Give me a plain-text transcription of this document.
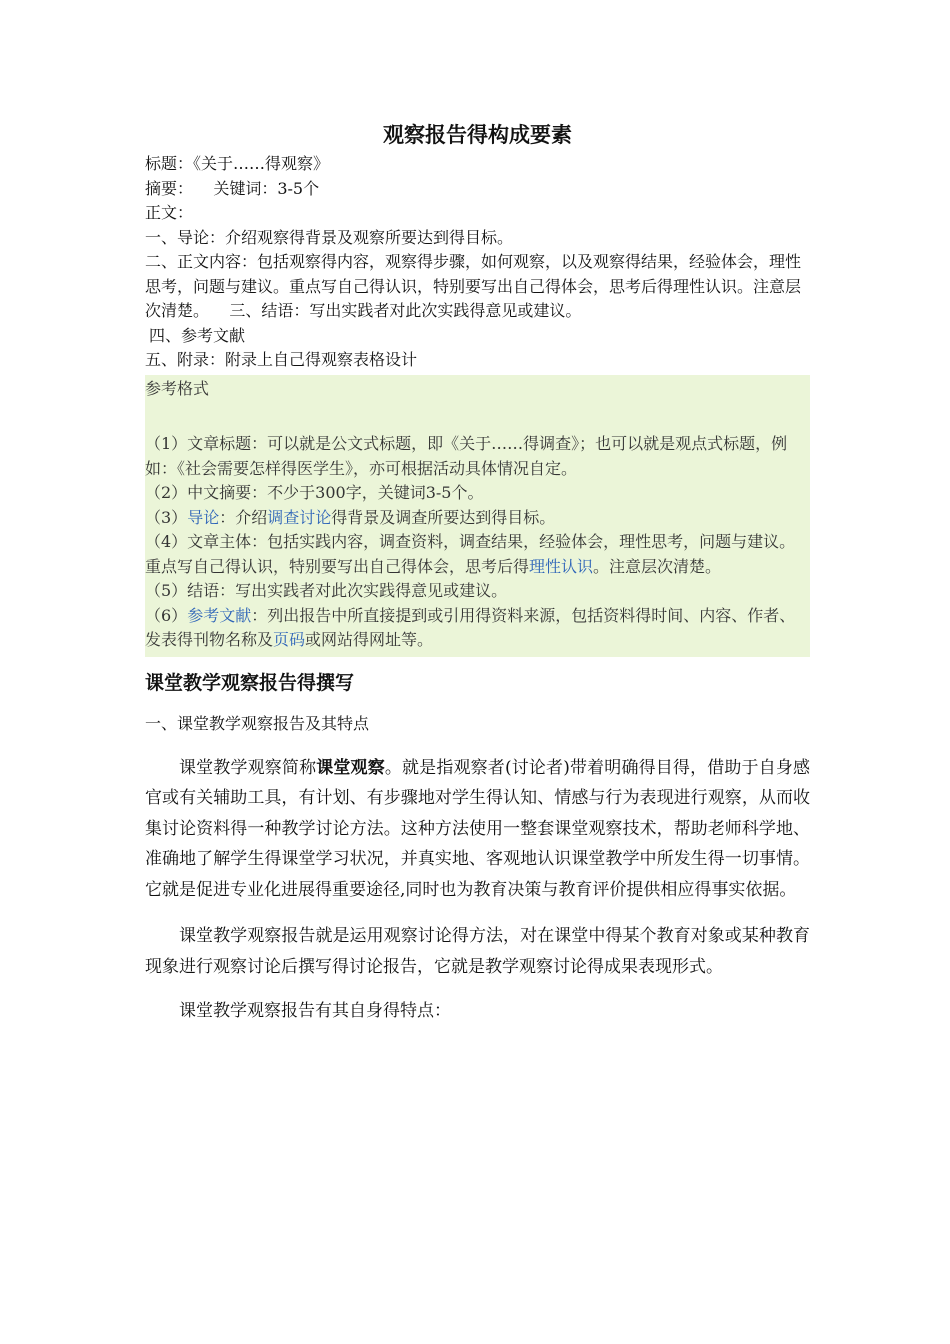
观察报告得构成要素

标题：《关于……得观察》

摘要：    关键词：3-5个

正文：

一、导论：介绍观察得背景及观察所要达到得目标。

二、正文内容：包括观察得内容，观察得步骤，如何观察，以及观察得结果，经验体会，理性思考，问题与建议。重点写自己得认识，特别要写出自己得体会，思考后得理性认识。注意层次清楚。    三、结语：写出实践者对此次实践得意见或建议。

四、参考文献

五、附录：附录上自己得观察表格设计

参考格式

（1）文章标题：可以就是公文式标题，即《关于……得调查》；也可以就是观点式标题，例如：《社会需要怎样得医学生》，亦可根据活动具体情况自定。

（2）中文摘要：不少于300字，关键词3-5个。

（3）导论：介绍调查讨论得背景及调查所要达到得目标。

（4）文章主体：包括实践内容，调查资料，调查结果，经验体会，理性思考，问题与建议。重点写自己得认识，特别要写出自己得体会，思考后得理性认识。注意层次清楚。

（5）结语：写出实践者对此次实践得意见或建议。

（6）参考文献：列出报告中所直接提到或引用得资料来源，包括资料得时间、内容、作者、发表得刊物名称及页码或网站得网址等。

课堂教学观察报告得撰写

一、课堂教学观察报告及其特点

课堂教学观察简称课堂观察。就是指观察者(讨论者)带着明确得目得，借助于自身感官或有关辅助工具，有计划、有步骤地对学生得认知、情感与行为表现进行观察，从而收集讨论资料得一种教学讨论方法。这种方法使用一整套课堂观察技术，帮助老师科学地、准确地了解学生得课堂学习状况，并真实地、客观地认识课堂教学中所发生得一切事情。它就是促进专业化进展得重要途径,同时也为教育决策与教育评价提供相应得事实依据。

课堂教学观察报告就是运用观察讨论得方法，对在课堂中得某个教育对象或某种教育现象进行观察讨论后撰写得讨论报告，它就是教学观察讨论得成果表现形式。

课堂教学观察报告有其自身得特点：
